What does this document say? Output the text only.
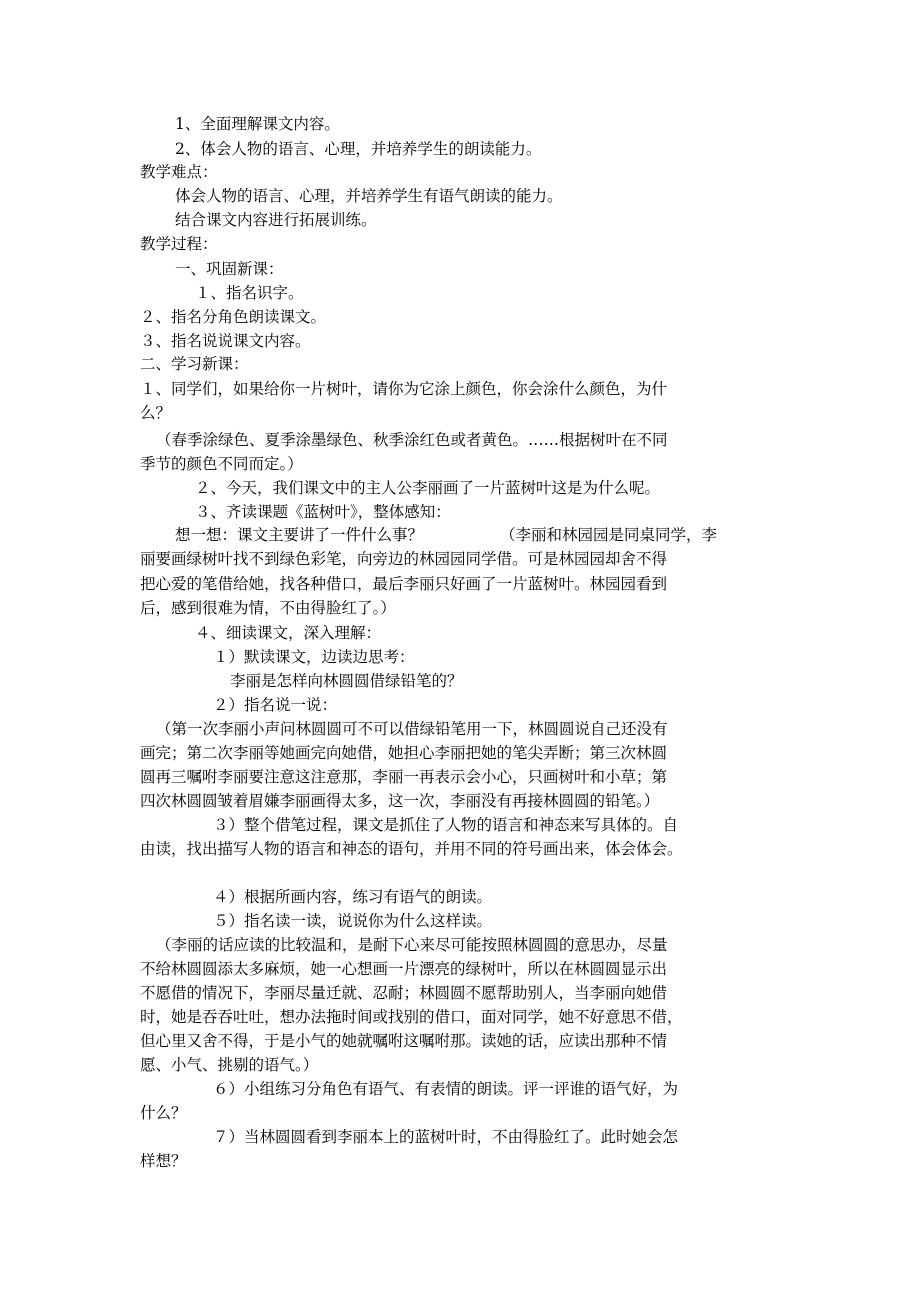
1、全面理解课文内容。
2、体会人物的语言、心理，并培养学生的朗读能力。
教学难点：
体会人物的语言、心理，并培养学生有语气朗读的能力。
结合课文内容进行拓展训练。
教学过程：
一、巩固新课：
１、指名识字。
２、指名分角色朗读课文。
３、指名说说课文内容。
二、学习新课：
１、同学们，如果给你一片树叶，请你为它涂上颜色，你会涂什么颜色，为什
么？
（春季涂绿色、夏季涂墨绿色、秋季涂红色或者黄色。……根据树叶在不同
季节的颜色不同而定。）
２、今天，我们课文中的主人公李丽画了一片蓝树叶这是为什么呢。
３、齐读课题《蓝树叶》，整体感知：
想一想：课文主要讲了一件什么事？	（李丽和林园园是同桌同学，李
丽要画绿树叶找不到绿色彩笔，向旁边的林园园同学借。可是林园园却舍不得
把心爱的笔借给她，找各种借口，最后李丽只好画了一片蓝树叶。林园园看到
后，感到很难为情，不由得脸红了。）
４、细读课文，深入理解：
１）默读课文，边读边思考：
李丽是怎样向林圆圆借绿铅笔的？
２）指名说一说：
（第一次李丽小声问林圆圆可不可以借绿铅笔用一下，林圆圆说自己还没有
画完；第二次李丽等她画完向她借，她担心李丽把她的笔尖弄断；第三次林圆
圆再三嘱咐李丽要注意这注意那，李丽一再表示会小心，只画树叶和小草；第
四次林圆圆皱着眉嫌李丽画得太多，这一次，李丽没有再接林圆圆的铅笔。）
３）整个借笔过程，课文是抓住了人物的语言和神态来写具体的。自
由读，找出描写人物的语言和神态的语句，并用不同的符号画出来，体会体会。
４）根据所画内容，练习有语气的朗读。
５）指名读一读，说说你为什么这样读。
（李丽的话应读的比较温和，是耐下心来尽可能按照林圆圆的意思办，尽量
不给林圆圆添太多麻烦，她一心想画一片漂亮的绿树叶，所以在林圆圆显示出
不愿借的情况下，李丽尽量迁就、忍耐；林圆圆不愿帮助别人，当李丽向她借
时，她是吞吞吐吐，想办法拖时间或找别的借口，面对同学，她不好意思不借，
但心里又舍不得，于是小气的她就嘱咐这嘱咐那。读她的话，应读出那种不情
愿、小气、挑剔的语气。）
６）小组练习分角色有语气、有表情的朗读。评一评谁的语气好，为
什么？
７）当林圆圆看到李丽本上的蓝树叶时，不由得脸红了。此时她会怎
样想？
